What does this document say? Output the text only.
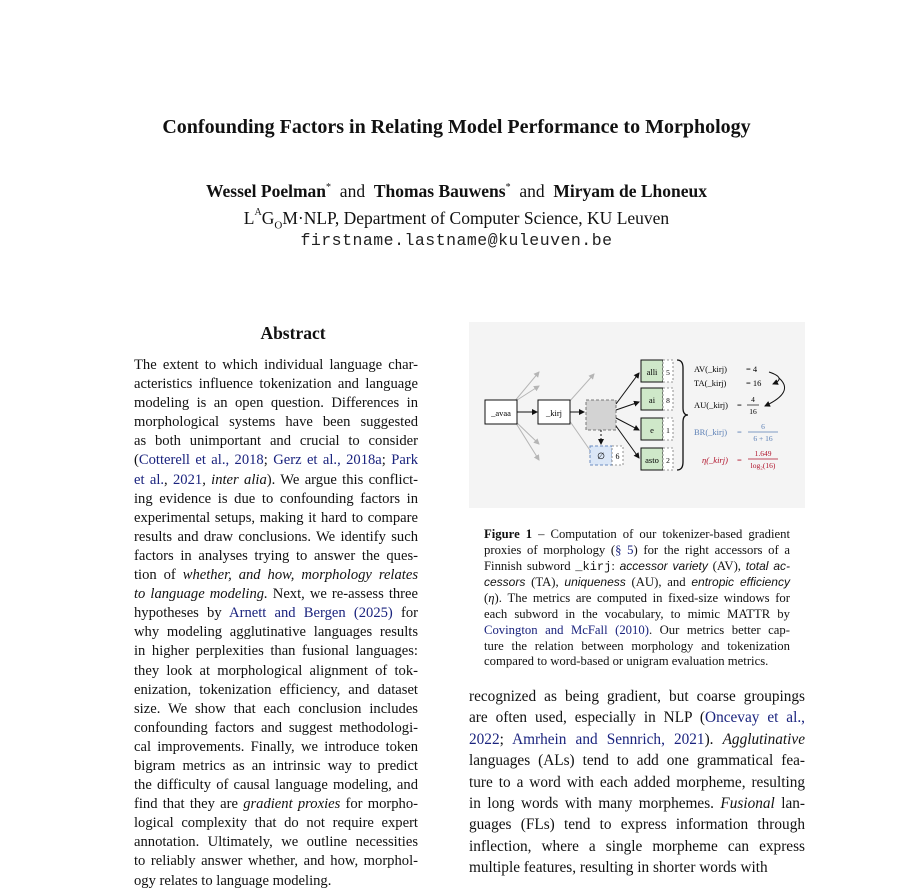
Confounding Factors in Relating Model Performance to Morphology
Wessel Poelman* and Thomas Bauwens* and Miryam de Lhoneux
$L^AG_OM\cdot NLP$, Department of Computer Science, KU Leuven
firstname.lastname@kuleuven.be
Abstract
The extent to which individual language char-
acteristics influence tokenization and language
modeling is an open question. Differences in
morphological systems have been suggested
as both unimportant and crucial to consider
(Cotterell et al., 2018; Gerz et al., 2018a; Park
et al., 2021, inter alia). We argue this conflict-
ing evidence is due to confounding factors in
experimental setups, making it hard to compare
results and draw conclusions. We identify such
factors in analyses trying to answer the ques-
tion of whether, and how, morphology relates
to language modeling. Next, we re-assess three
hypotheses by Arnett and Bergen (2025) for
why modeling agglutinative languages results
in higher perplexities than fusional languages:
they look at morphological alignment of tok-
enization, tokenization efficiency, and dataset
size. We show that each conclusion includes
confounding factors and suggest methodologi-
cal improvements. Finally, we introduce token
bigram metrics as an intrinsic way to predict
the difficulty of causal language modeling, and
find that they are gradient proxies for morpho-
logical complexity that do not require expert
annotation. Ultimately, we outline necessities
to reliably answer whether, and how, morphol-
ogy relates to language modeling.
_avaa	_kirj
∅ 6
alli 5
ai 8
e 1
asto 2
AV(_kirj) = 4
TA(_kirj) = 16
AU(_kirj) =
4
16
BR(_kirj) =
6
6 + 16
η(_kirj) =
1.649
log₂(16)
Figure 1 – Computation of our tokenizer-based gradient
proxies of morphology (§ 5) for the right accessors of a
Finnish subword _kirj: accessor variety (AV), total ac-
cessors (TA), uniqueness (AU), and entropic efficiency
(η). The metrics are computed in fixed-size windows for
each subword in the vocabulary, to mimic MATTR by
Covington and McFall (2010). Our metrics better cap-
ture the relation between morphology and tokenization
compared to word-based or unigram evaluation metrics.
recognized as being gradient, but coarse groupings
are often used, especially in NLP (Oncevay et al.,
2022; Amrhein and Sennrich, 2021). Agglutinative
languages (ALs) tend to add one grammatical fea-
ture to a word with each added morpheme, resulting
in long words with many morphemes. Fusional lan-
guages (FLs) tend to express information through
inflection, where a single morpheme can express
multiple features, resulting in shorter words with
